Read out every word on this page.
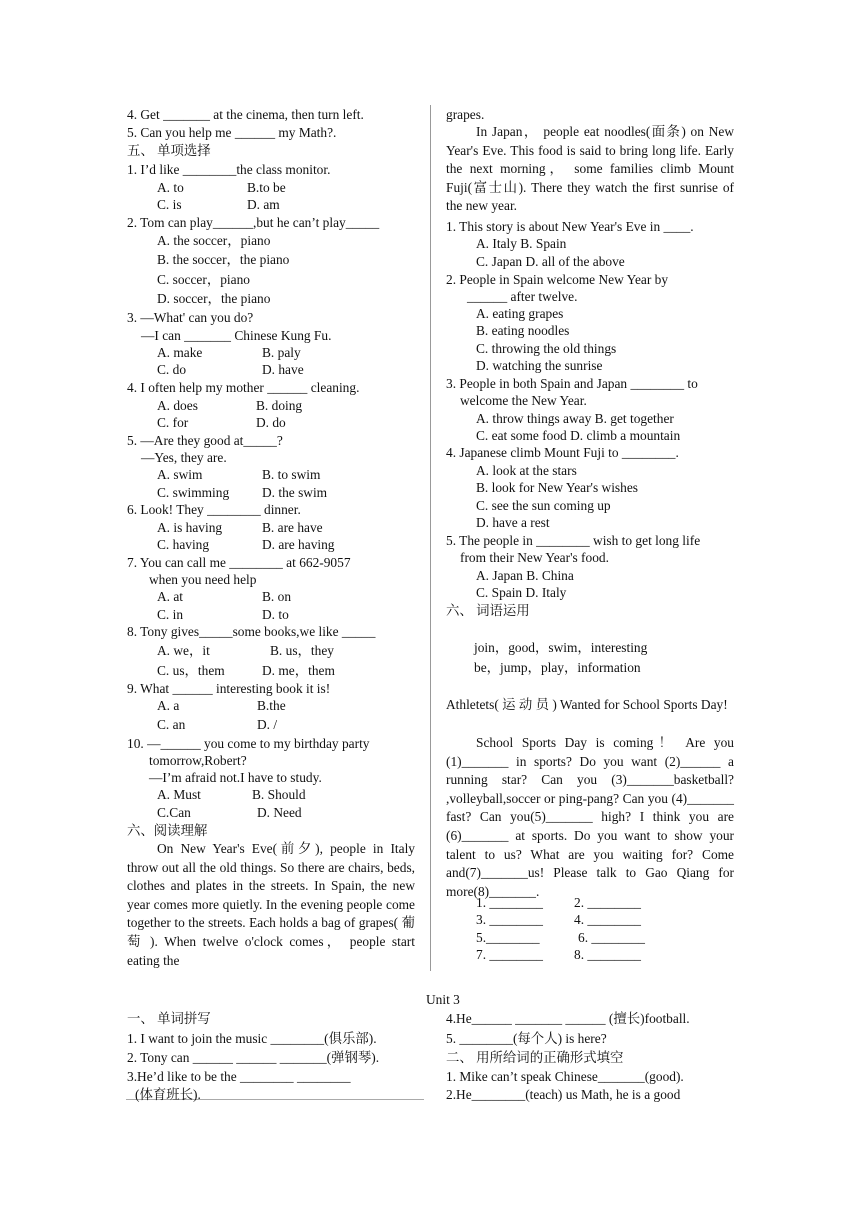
4. Get _______ at the cinema, then turn left.
5. Can you help me ______ my Math?.
五、 单项选择
1. I’d like ________the class monitor.
A. to	B.to be
C. is	D. am
2. Tom can play______,but he can’t play_____
A. the soccer，piano
B. the soccer，the piano
C. soccer，piano
D. soccer，the piano
3. —What' can you do?
—I can _______ Chinese Kung Fu.
A. make	B. paly
C. do	D. have
4. I often help my mother ______ cleaning.
A. does	B. doing
C. for	D. do
5. —Are they good at_____?
—Yes, they are.
A. swim	B. to swim
C. swimming D. the swim
6. Look! They ________ dinner.
A. is having	B. are have
C. having	D. are having
7. You can call me ________ at 662-9057
when you need help
A. at	B. on
C. in	D. to
8. Tony gives_____some books,we like _____
A. we，it	B. us，they
C. us，them	D. me，them
9. What ______ interesting book it is!
A. a	B.the
C. an	D. /
10. —______ you come to my birthday party
tomorrow,Robert?
—I’m afraid not.I have to study.
A. Must	B. Should
C.Can	D. Need
六、阅读理解
grapes.
1. This story is about New Year's Eve in ____.
A. Italy B. Spain
C. Japan D. all of the above
2. People in Spain welcome New Year by
______ after twelve.
A. eating grapes
B. eating noodles
C. throwing the old things
D. watching the sunrise
3. People in both Spain and Japan ________ to
welcome the New Year.
A. throw things away B. get together
C. eat some food D. climb a mountain
4. Japanese climb Mount Fuji to ________.
A. look at the stars
B. look for New Year's wishes
C. see the sun coming up
D. have a rest
5. The people in ________ wish to get long life
from their New Year's food.
A. Japan B. China
C. Spain D. Italy
六、 词语运用
join，good，swim，interesting
be，jump，play，information
On New Year's Eve(前夕), people in Italy throw out all the old things. So there are chairs, beds, clothes and plates in the streets. In Spain, the new year comes more quietly. In the evening people come together to the streets. Each holds a bag of grapes( 葡 萄 ). When twelve o'clock comes， people start eating the
In Japan， people eat noodles(面条) on New Year's Eve. This food is said to bring long life. Early the next morning， some families climb Mount Fuji(富士山). There they watch the first sunrise of the new year.
Athletets( 运 动 员 ) Wanted for School Sports Day!
School Sports Day is coming！ Are you (1)_______ in sports? Do you want (2)______ a running star? Can you (3)_______basketball? ,volleyball,soccer or ping-pang? Can you (4)_______ fast? Can you(5)_______ high? I think you are (6)_______ at sports. Do you want to show your talent to us? What are you waiting for? Come and(7)_______us! Please talk to Gao Qiang for more(8)_______.
1. ________ 2. ________
3. ________ 4. ________
5.________	6. ________
7. ________ 8. ________
Unit 3
一、 单词拼写
1. I want to join the music ________(俱乐部).
2. Tony can ______ ______ _______(弹钢琴).
3.He’d like to be the ________ ________
(体育班长).
4.He______ _______ ______ (擅长)football.
5. ________(每个人) is here?
二、 用所给词的正确形式填空
1. Mike can’t speak Chinese_______(good).
2.He________(teach) us Math, he is a good
